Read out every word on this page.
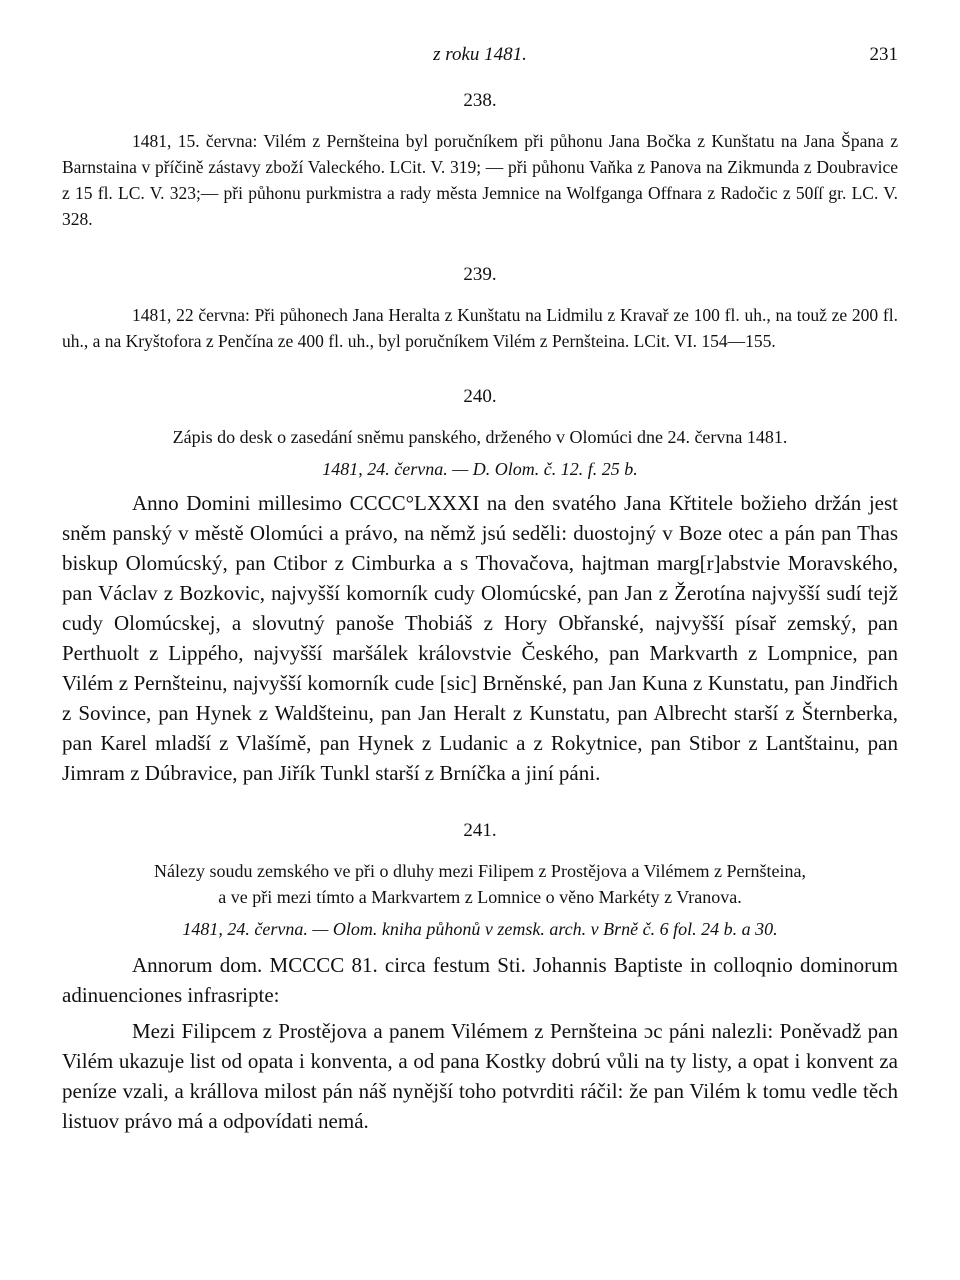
z roku 1481.	231
238.

1481, 15. června: Vilém z Pernšteina byl poručníkem při půhonu Jana Bočka z Kunštatu na Jana Špana z Barnstaina v příčině zástavy zboží Valeckého. LCit. V. 319; — při půhonu Vaňka z Panova na Zikmunda z Doubravice z 15 fl. LC. V. 323;— při půhonu purkmistra a rady města Jemnice na Wolfganga Offnara z Radočic z 50ſſ gr. LC. V. 328.

239.

1481, 22 června: Při půhonech Jana Heralta z Kunštatu na Lidmilu z Kravař ze 100 fl. uh., na touž ze 200 fl. uh., a na Kryštofora z Penčína ze 400 fl. uh., byl poručníkem Vilém z Pernšteina. LCit. VI. 154—155.

240.

Zápis do desk o zasedání sněmu panského, drženého v Olomúci dne 24. června 1481.

1481, 24. června. — D. Olom. č. 12. f. 25 b.

Anno Domini millesimo CCCC°LXXXI na den svatého Jana Křtitele božieho držán jest sněm panský v městě Olomúci a právo, na němž jsú seděli: duostojný v Boze otec a pán pan Thas biskup Olomúcský, pan Ctibor z Cimburka a s Thovačova, hajtman marg[r]abstvie Moravského, pan Václav z Bozkovic, najvyšší komorník cudy Olomúcské, pan Jan z Žerotína najvyšší sudí tejž cudy Olomúcskej, a slovutný panoše Thobiáš z Hory Obřanské, najvyšší písař zemský, pan Perthuolt z Lippého, najvyšší maršálek královstvie Českého, pan Markvarth z Lompnice, pan Vilém z Pernšteinu, najvyšší komorník cude [sic] Brněnské, pan Jan Kuna z Kunstatu, pan Jindřich z Sovince, pan Hynek z Waldšteinu, pan Jan Heralt z Kunstatu, pan Albrecht starší z Šternberka, pan Karel mladší z Vlašímě, pan Hynek z Ludanic a z Rokytnice, pan Stibor z Lantštainu, pan Jimram z Dúbravice, pan Jiřík Tunkl starší z Brníčka a jiní páni.

241.

Nálezy soudu zemského ve při o dluhy mezi Filipem z Prostějova a Vilémem z Pernšteina,

a ve při mezi tímto a Markvartem z Lomnice o věno Markéty z Vranova.

1481, 24. června. — Olom. kniha půhonů v zemsk. arch. v Brně č. 6 fol. 24 b. a 30.

Annorum dom. MCCCC 81. circa festum Sti. Johannis Baptiste in colloqnio dominorum adinuenciones infrasripte:

Mezi Filipcem z Prostějova a panem Vilémem z Pernšteina ɔc páni nalezli: Poněvadž pan Vilém ukazuje list od opata i konventa, a od pana Kostky dobrú vůli na ty listy, a opat i konvent za peníze vzali, a krállova milost pán náš nynější toho potvrditi ráčil: že pan Vilém k tomu vedle těch listuov právo má a odpovídati nemá.
